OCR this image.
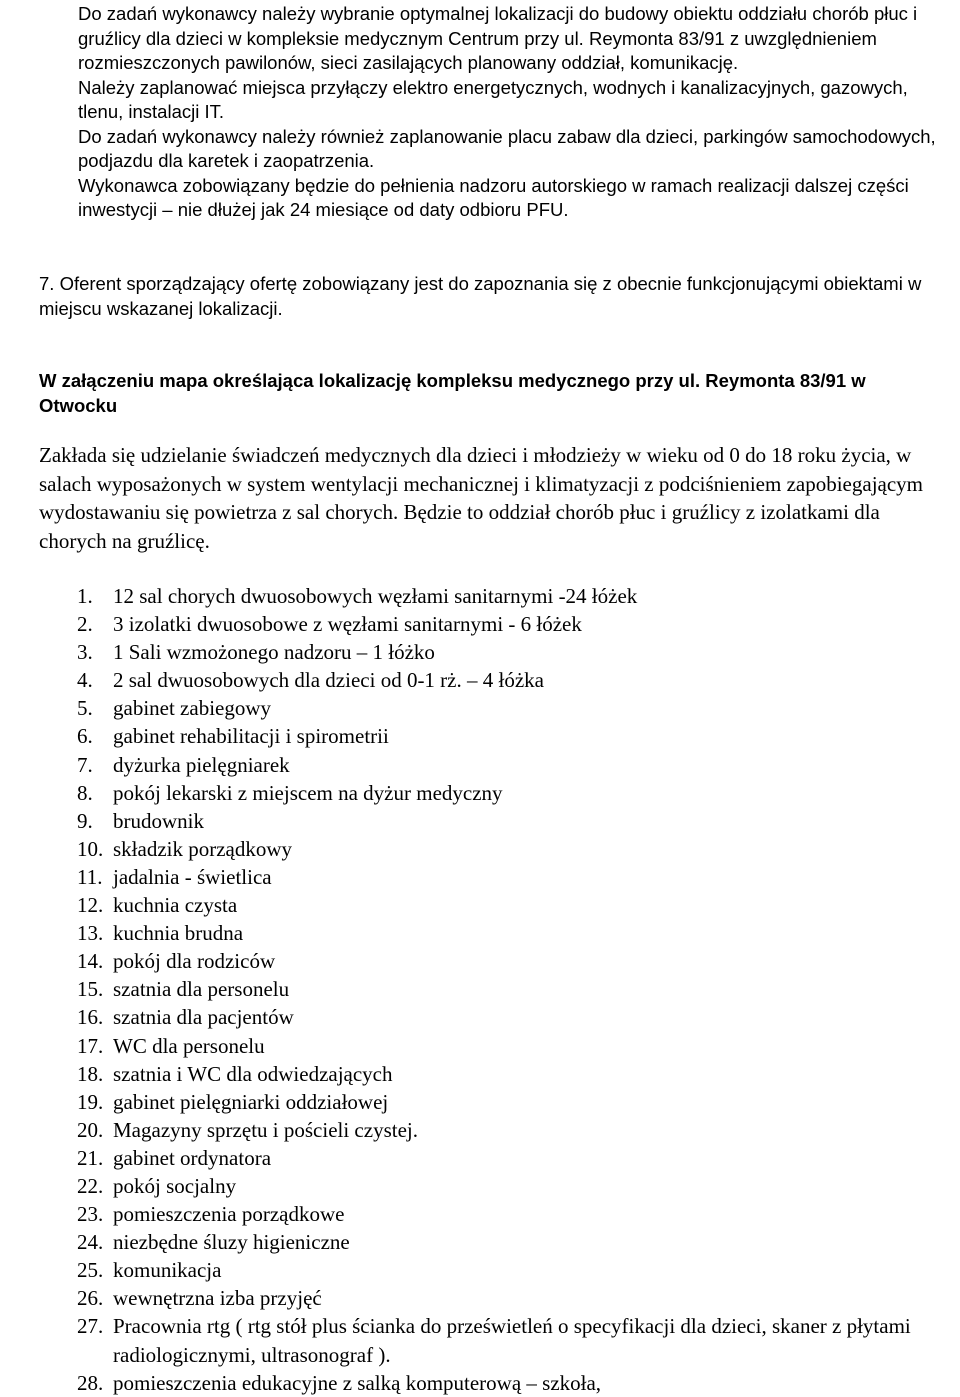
Do zadań wykonawcy należy wybranie optymalnej lokalizacji do budowy obiektu oddziału chorób płuc i gruźlicy dla dzieci w kompleksie medycznym Centrum przy ul. Reymonta 83/91 z uwzględnieniem rozmieszczonych pawilonów, sieci zasilających planowany oddział, komunikację.

Należy zaplanować miejsca przyłączy elektro energetycznych, wodnych i kanalizacyjnych, gazowych, tlenu, instalacji IT.

Do zadań wykonawcy należy również zaplanowanie placu zabaw dla dzieci, parkingów samochodowych, podjazdu dla karetek i zaopatrzenia.

Wykonawca zobowiązany będzie do pełnienia nadzoru autorskiego w ramach realizacji dalszej części inwestycji – nie dłużej jak 24 miesiące od daty odbioru PFU.

7. Oferent sporządzający ofertę zobowiązany jest do zapoznania się z obecnie funkcjonującymi obiektami w miejscu wskazanej lokalizacji.
W załączeniu mapa określająca lokalizację kompleksu medycznego przy ul. Reymonta 83/91 w Otwocku
Zakłada się udzielanie świadczeń medycznych dla dzieci i młodzieży w wieku od 0 do 18 roku życia, w salach wyposażonych w system wentylacji mechanicznej i klimatyzacji z podciśnieniem zapobiegającym wydostawaniu się powietrza z sal chorych. Będzie to oddział chorób płuc i gruźlicy z izolatkami dla chorych na gruźlicę.
1. 12 sal chorych dwuosobowych węzłami sanitarnymi -24 łóżek
2. 3 izolatki dwuosobowe z węzłami sanitarnymi - 6 łóżek
3. 1 Sali wzmożonego nadzoru – 1 łóżko
4. 2 sal dwuosobowych dla dzieci od 0-1 rż. – 4 łóżka
5. gabinet zabiegowy
6. gabinet rehabilitacji i spirometrii
7. dyżurka pielęgniarek
8. pokój lekarski z miejscem na dyżur medyczny
9. brudownik
10. składzik porządkowy
11. jadalnia - świetlica
12. kuchnia czysta
13. kuchnia brudna
14. pokój dla rodziców
15. szatnia dla personelu
16. szatnia dla pacjentów
17. WC dla personelu
18. szatnia i WC dla odwiedzających
19. gabinet pielęgniarki oddziałowej
20. Magazyny sprzętu i pościeli czystej.
21. gabinet ordynatora
22. pokój socjalny
23. pomieszczenia porządkowe
24. niezbędne śluzy higieniczne
25. komunikacja
26. wewnętrzna izba przyjęć
27. Pracownia rtg ( rtg stół plus ścianka do prześwietleń o specyfikacji dla dzieci, skaner z płytami radiologicznymi, ultrasonograf ).
28. pomieszczenia edukacyjne z salką komputerową – szkoła,
